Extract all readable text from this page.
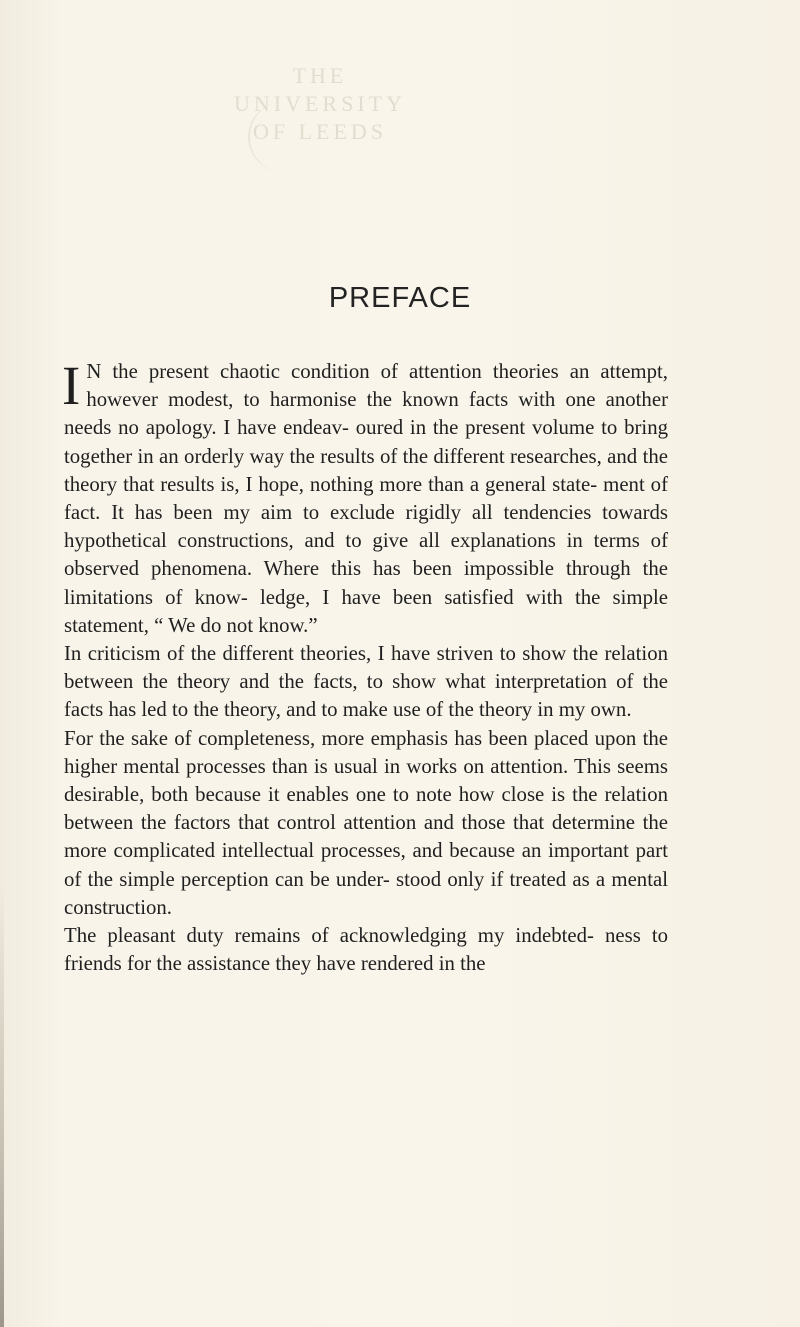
THE
UNIVERSITY
OF LEEDS
PREFACE

I N the present chaotic condition of attention theories an attempt, however modest, to harmonise the known facts with one another needs no apology. I have endeav- oured in the present volume to bring together in an orderly way the results of the different researches, and the theory that results is, I hope, nothing more than a general state- ment of fact. It has been my aim to exclude rigidly all tendencies towards hypothetical constructions, and to give all explanations in terms of observed phenomena. Where this has been impossible through the limitations of know- ledge, I have been satisfied with the simple statement, “ We do not know.”

In criticism of the different theories, I have striven to show the relation between the theory and the facts, to show what interpretation of the facts has led to the theory, and to make use of the theory in my own.

For the sake of completeness, more emphasis has been placed upon the higher mental processes than is usual in works on attention. This seems desirable, both because it enables one to note how close is the relation between the factors that control attention and those that determine the more complicated intellectual processes, and because an important part of the simple perception can be under- stood only if treated as a mental construction.

The pleasant duty remains of acknowledging my indebted- ness to friends for the assistance they have rendered in the
